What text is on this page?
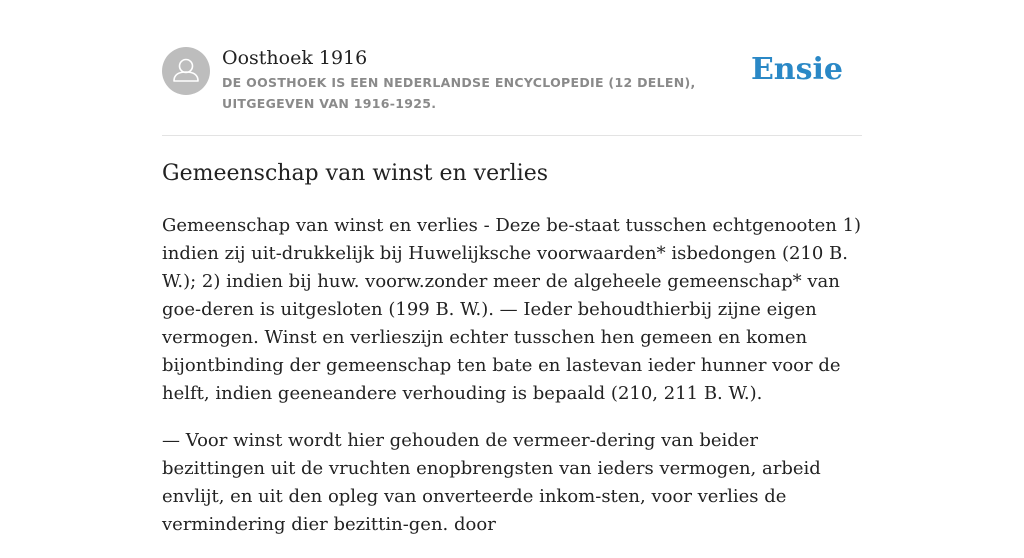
Oosthoek 1916
DE OOSTHOEK IS EEN NEDERLANDSE ENCYCLOPEDIE (12 DELEN), UITGEGEVEN VAN 1916-1925.
Ensie
Gemeenschap van winst en verlies

Gemeenschap van winst en verlies - Deze be-staat tusschen echtgenooten 1) indien zij uit-drukkelijk bij Huwelijksche voorwaarden* isbedongen (210 B. W.); 2) indien bij huw. voorw.zonder meer de algeheele gemeenschap* van goe-deren is uitgesloten (199 B. W.). — Ieder behoudthierbij zijne eigen vermogen. Winst en verlieszijn echter tusschen hen gemeen en komen bijontbinding der gemeenschap ten bate en lastevan ieder hunner voor de helft, indien geeneandere verhouding is bepaald (210, 211 B. W.).

— Voor winst wordt hier gehouden de vermeer-dering van beider bezittingen uit de vruchten enopbrengsten van ieders vermogen, arbeid envlijt, en uit den opleg van onverteerde inkom-sten, voor verlies de vermindering dier bezittin-gen. door
